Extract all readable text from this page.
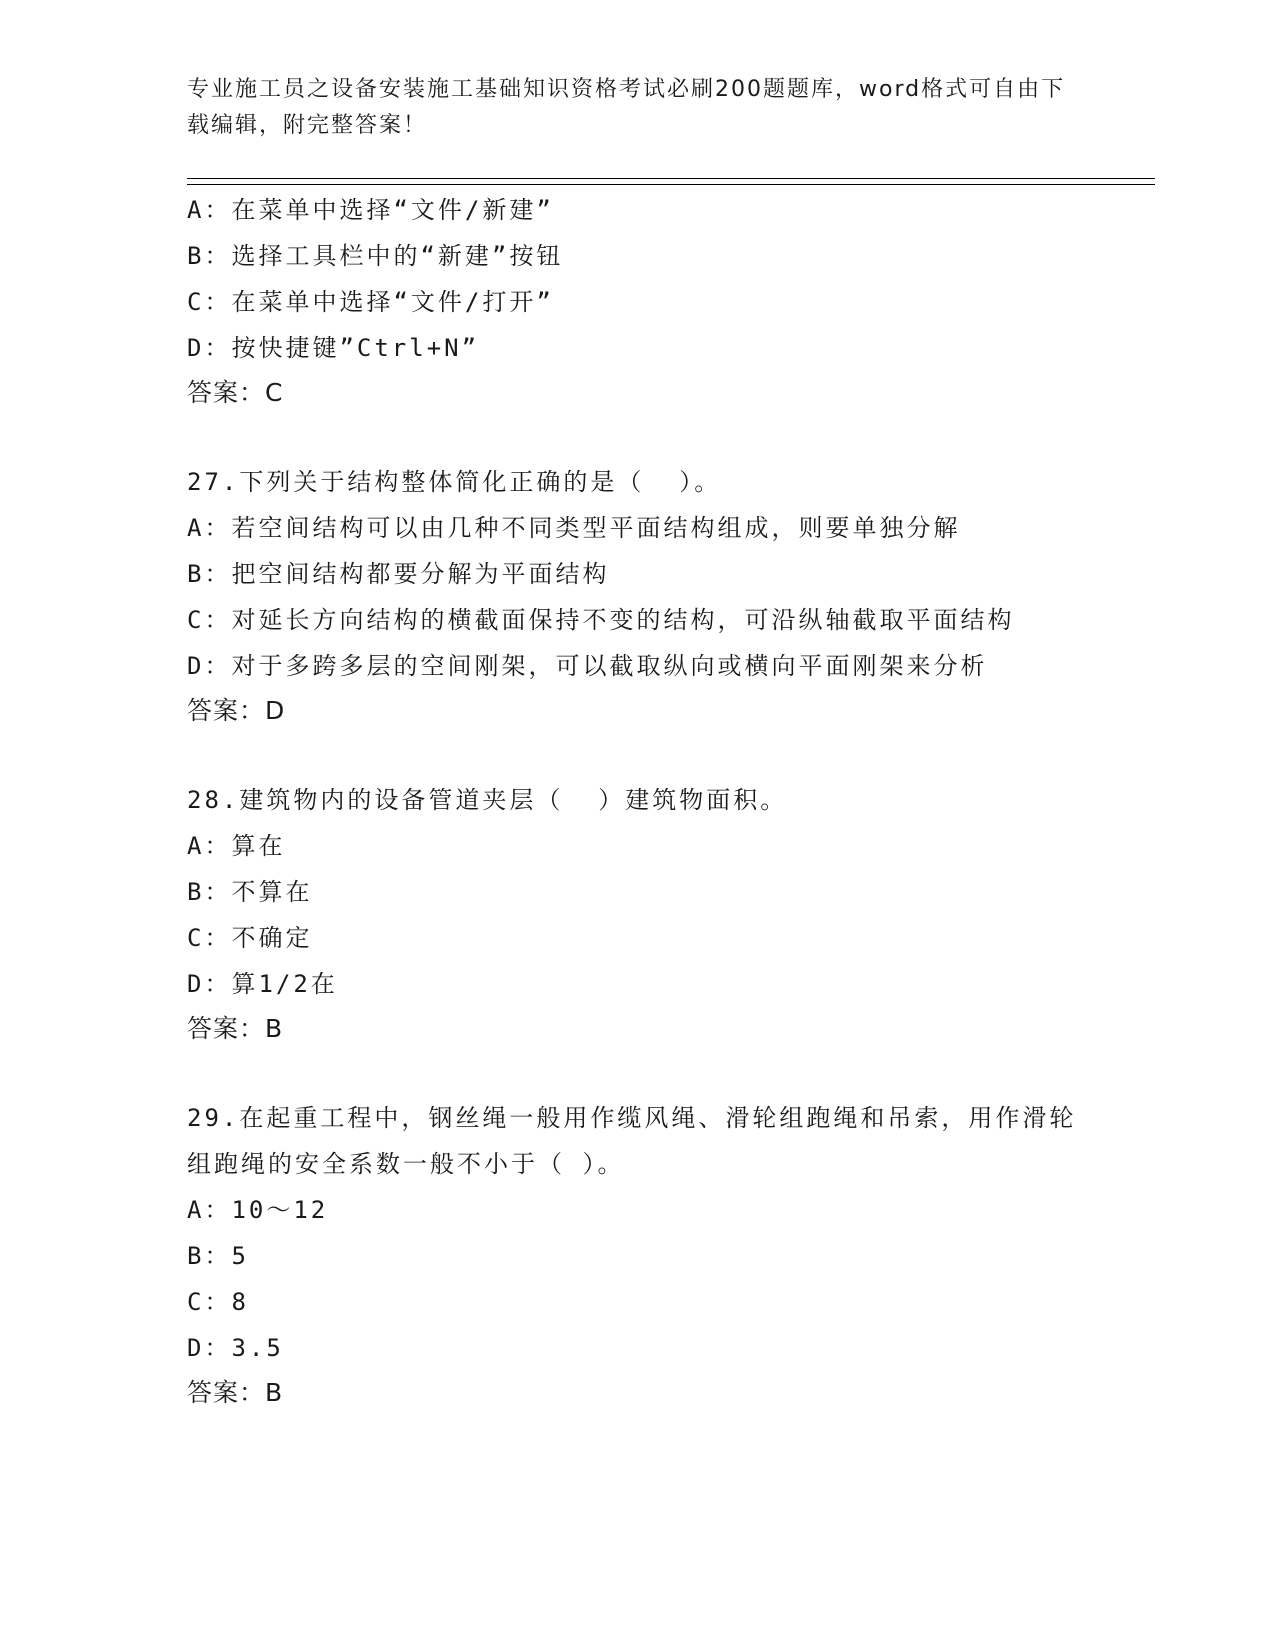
专业施工员之设备安装施工基础知识资格考试必刷200题题库，word格式可自由下载编辑，附完整答案！
A：在菜单中选择“文件/新建”
B：选择工具栏中的“新建”按钮
C：在菜单中选择“文件/打开”
D：按快捷键”Ctrl+N”
答案：C
27.下列关于结构整体简化正确的是（  ）。
A：若空间结构可以由几种不同类型平面结构组成，则要单独分解
B：把空间结构都要分解为平面结构
C：对延长方向结构的横截面保持不变的结构，可沿纵轴截取平面结构
D：对于多跨多层的空间刚架，可以截取纵向或横向平面刚架来分析
答案：D
28.建筑物内的设备管道夹层（  ）建筑物面积。
A：算在
B：不算在
C：不确定
D：算1/2在
答案：B
29.在起重工程中，钢丝绳一般用作缆风绳、滑轮组跑绳和吊索，用作滑轮组跑绳的安全系数一般不小于（ ）。
A：10～12
B：5
C：8
D：3.5
答案：B
